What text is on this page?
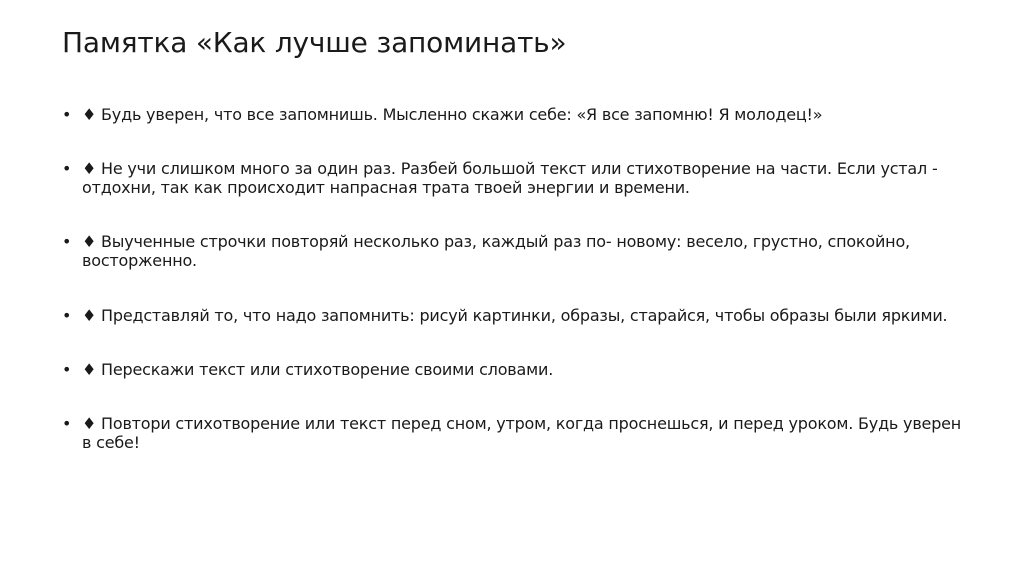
Памятка «Как лучше запоминать»
• ♦ Будь уверен, что все запомнишь. Мысленно скажи себе: «Я все запомню! Я молодец!»
• ♦ Не учи слишком много за один раз. Разбей большой текст или стихотворение на части. Если устал - отдохни, так как происходит напрасная трата твоей энергии и времени.
• ♦ Выученные строчки повторяй несколько раз, каждый раз по- новому: весело, грустно, спокойно, восторженно.
• ♦ Представляй то, что надо запомнить: рисуй картинки, образы, старайся, чтобы образы были яркими.
• ♦ Перескажи текст или стихотворение своими словами.
• ♦ Повтори стихотворение или текст перед сном, утром, когда проснешься, и перед уроком. Будь уверен в себе!
